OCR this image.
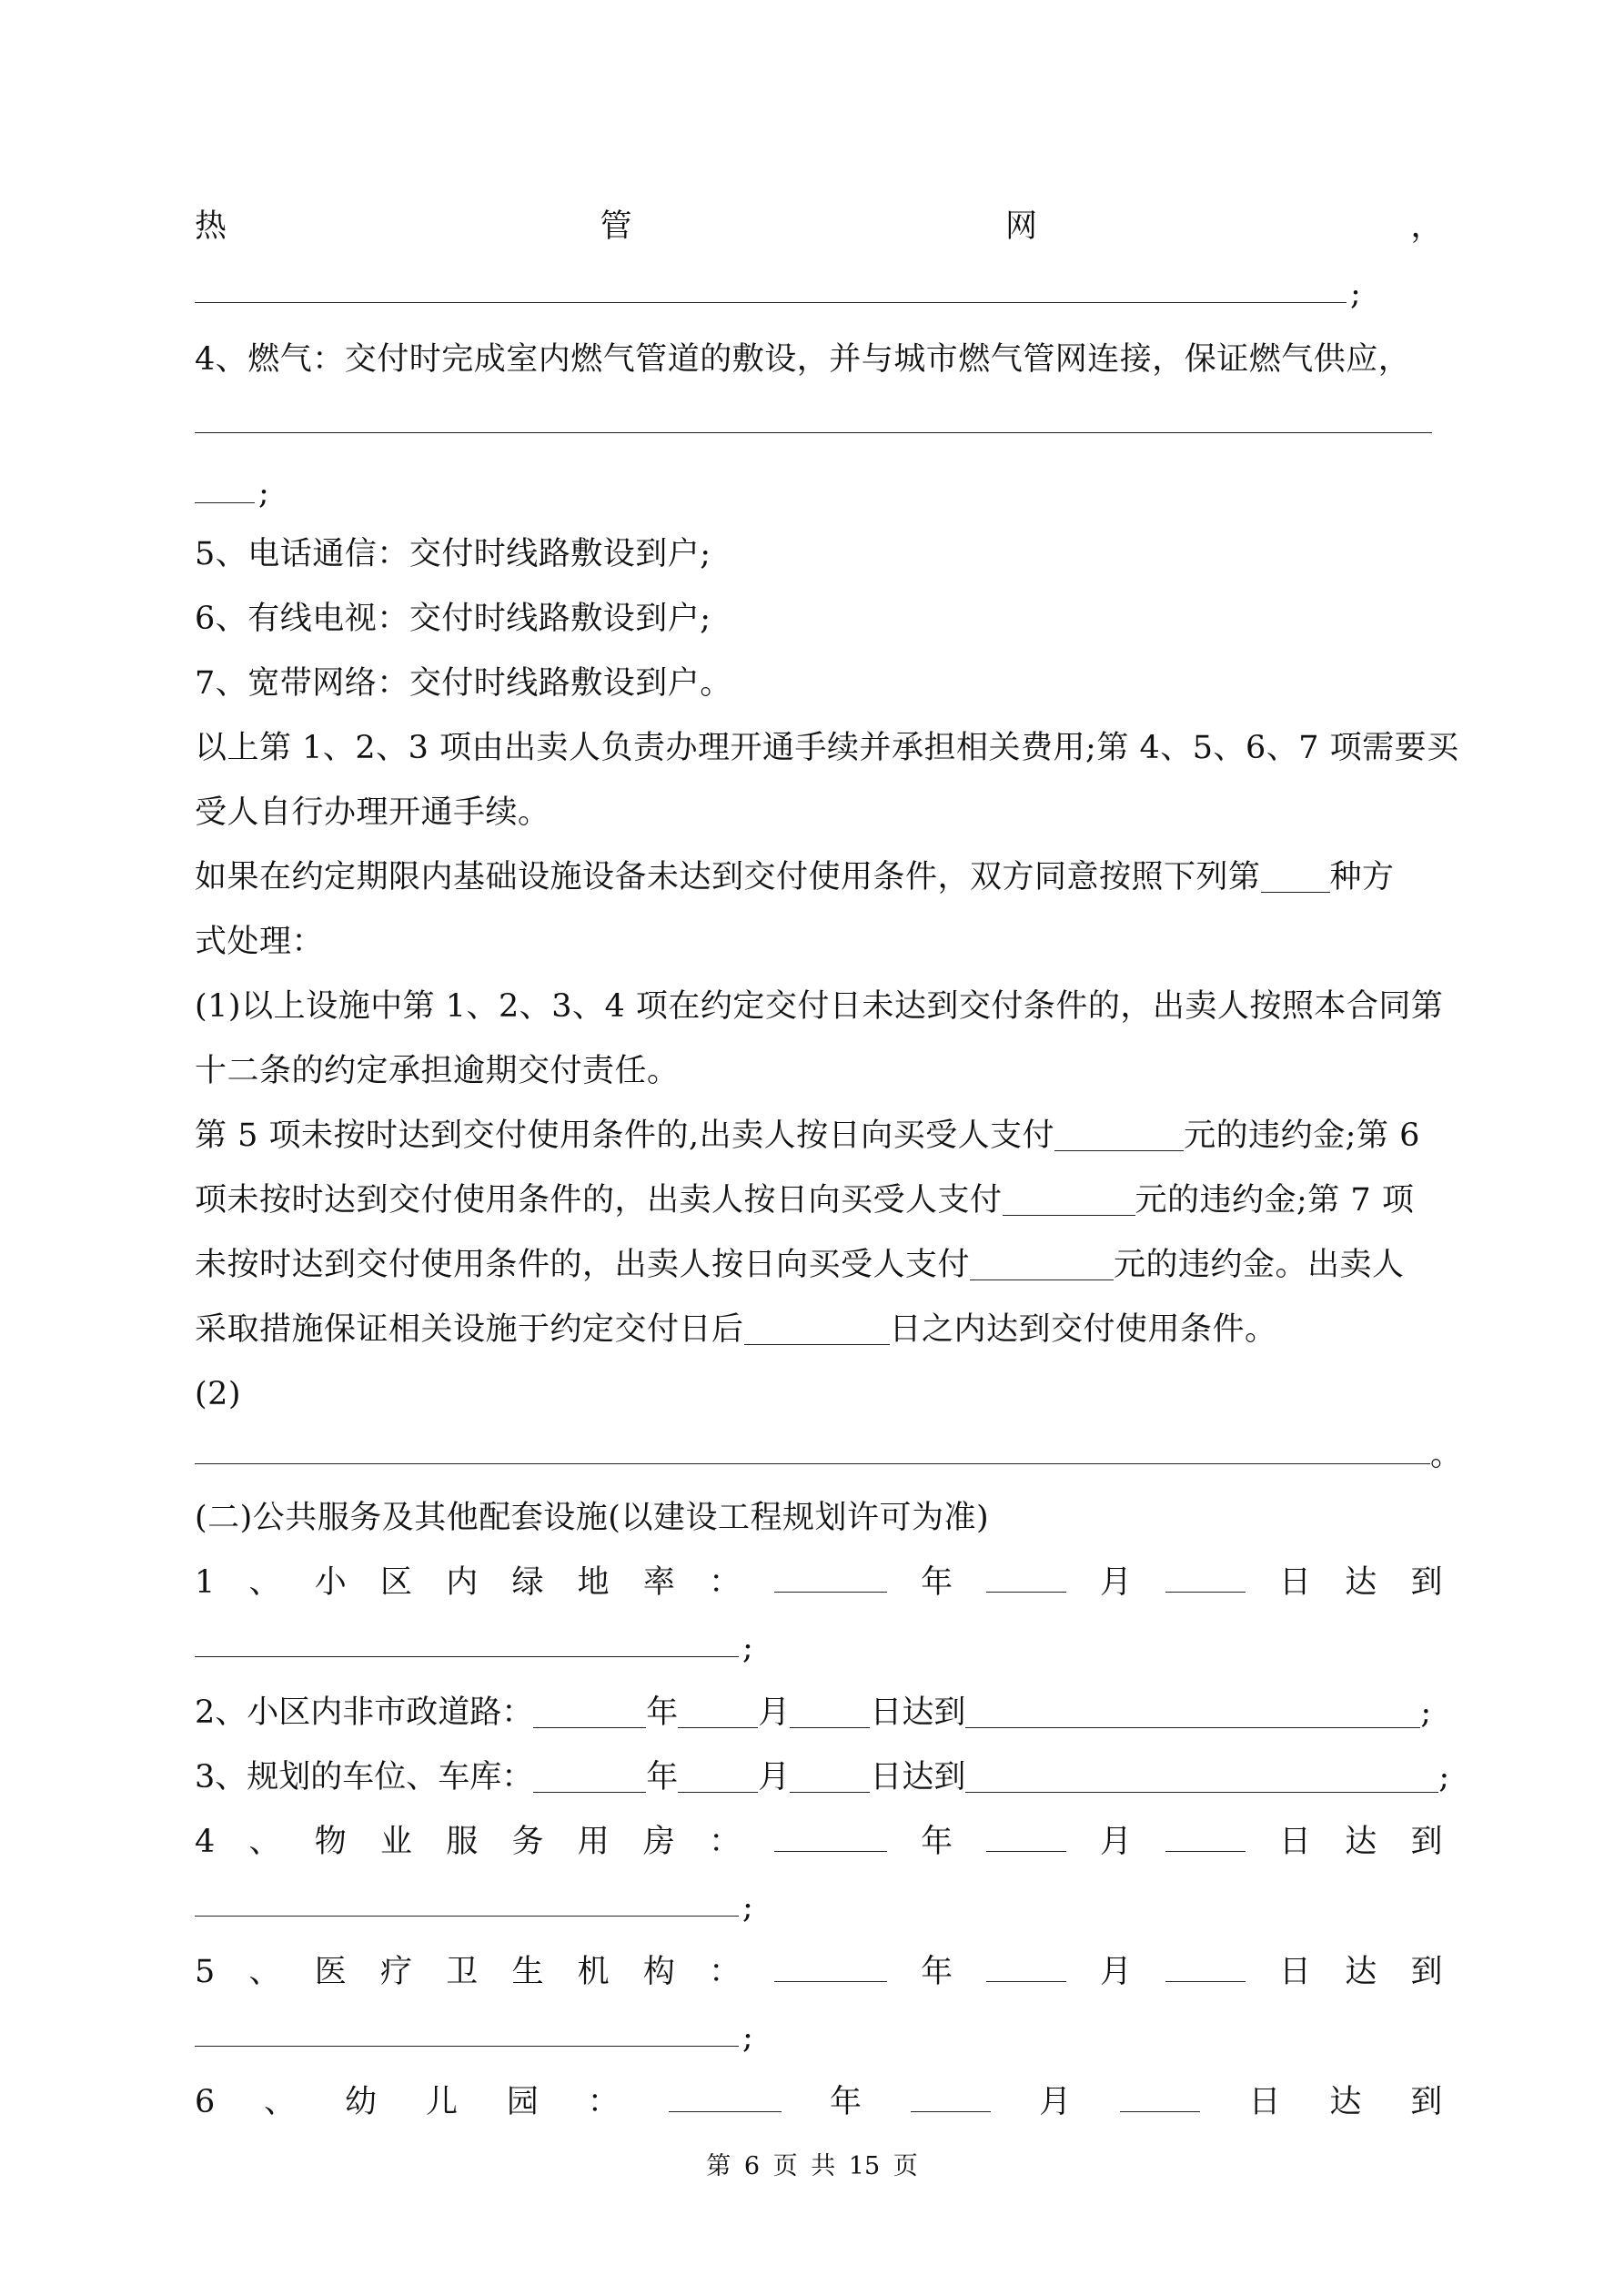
热	管	网	，
;
4、燃气：交付时完成室内燃气管道的敷设，并与城市燃气管网连接，保证燃气供应，
;
5、电话通信：交付时线路敷设到户;
6、有线电视：交付时线路敷设到户;
7、宽带网络：交付时线路敷设到户。
以上第 1、2、3 项由出卖人负责办理开通手续并承担相关费用;第 4、5、6、7 项需要买
受人自行办理开通手续。
如果在约定期限内基础设施设备未达到交付使用条件，双方同意按照下列第 种方
式处理：
(1)以上设施中第 1、2、3、4 项在约定交付日未达到交付条件的，出卖人按照本合同第
十二条的约定承担逾期交付责任。
第 5 项未按时达到交付使用条件的,出卖人按日向买受人支付	元的违约金;第 6
项未按时达到交付使用条件的，出卖人按日向买受人支付	元的违约金;第 7 项
未按时达到交付使用条件的，出卖人按日向买受人支付	元的违约金。出卖人
采取措施保证相关设施于约定交付日后	日之内达到交付使用条件。
(2)
。
(二)公共服务及其他配套设施(以建设工程规划许可为准)
1 、 小 区 内 绿 地 率 ：	年	月	日 达 到
;
2、小区内非市政道路：	年	月	日达到	;
3、规划的车位、车库：	年	月	日达到	;
4 、 物 业 服 务 用 房 ：	年	月	日 达 到
;
5 、 医 疗 卫 生 机 构 ：	年	月	日 达 到
;
6 、 幼 儿 园 ：	年	月	日 达 到
第 6 页 共 15 页
